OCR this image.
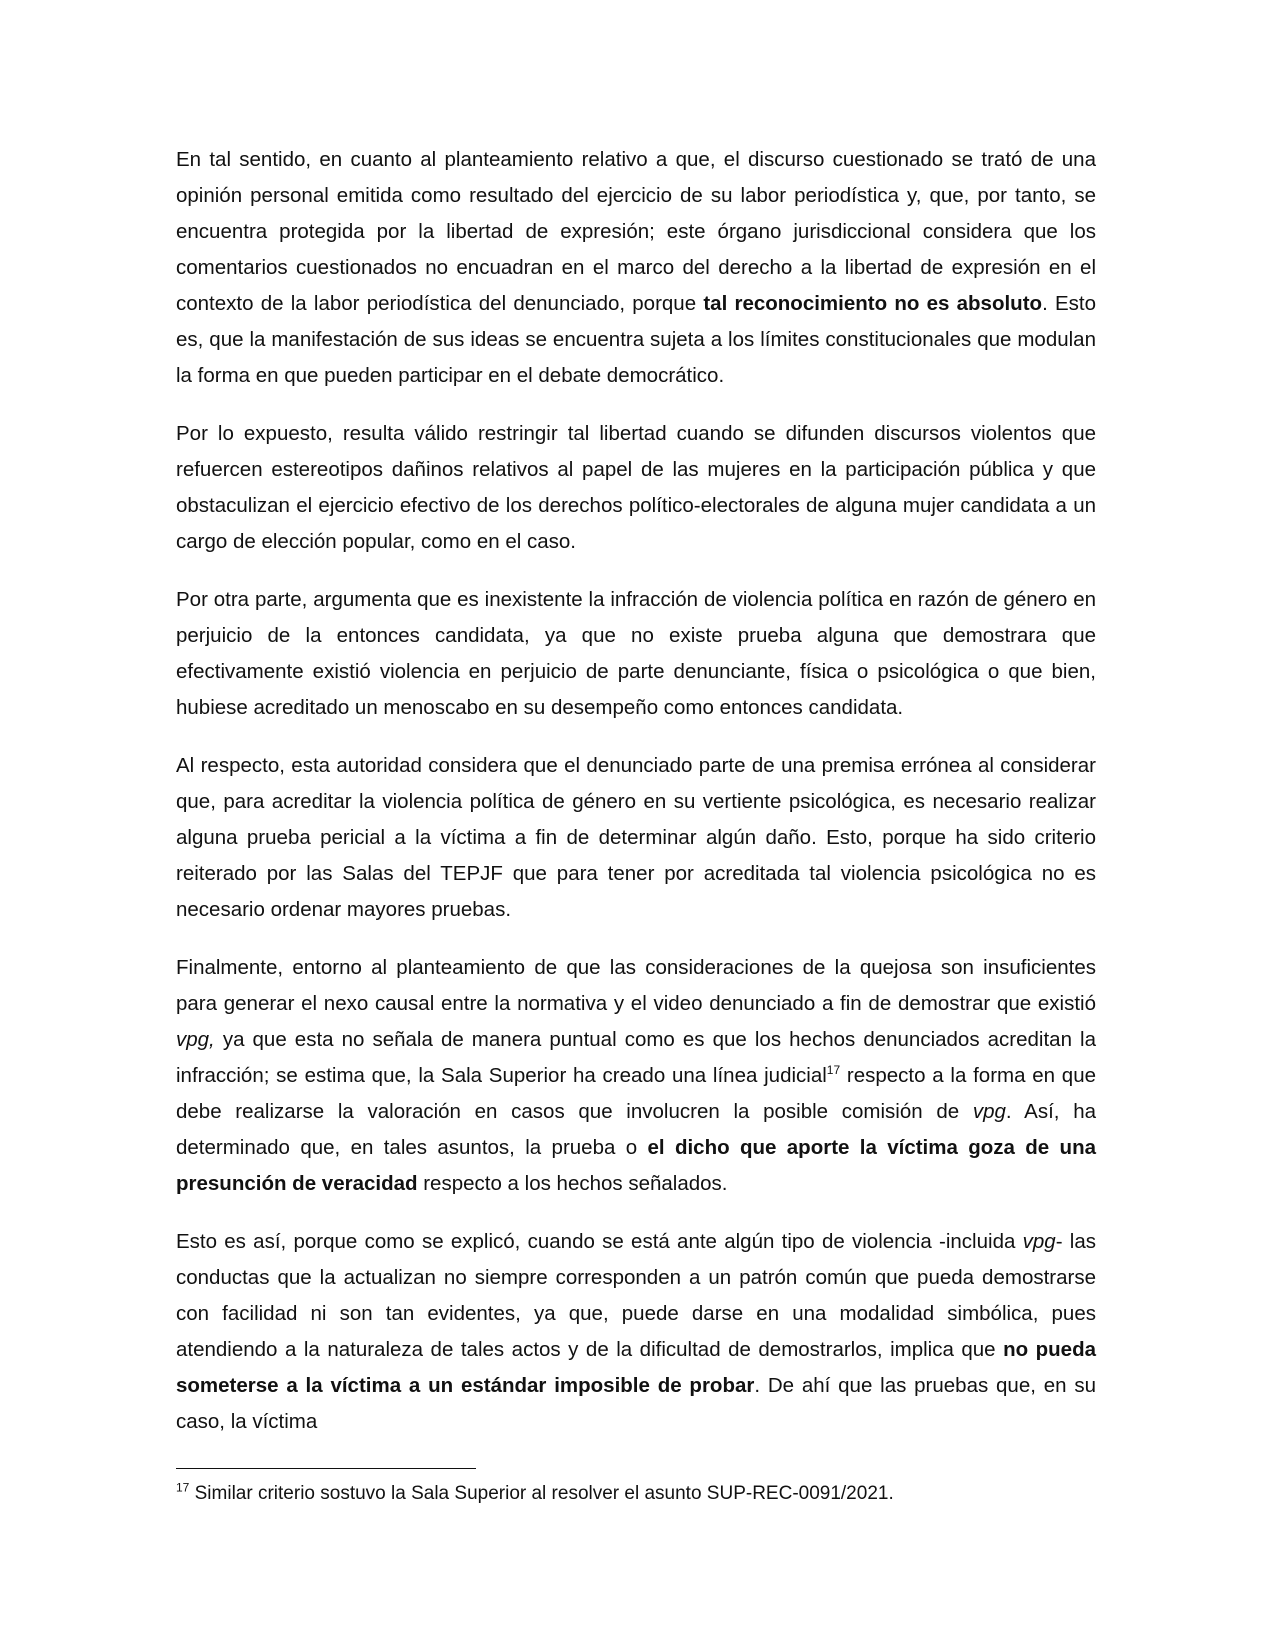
En tal sentido, en cuanto al planteamiento relativo a que, el discurso cuestionado se trató de una opinión personal emitida como resultado del ejercicio de su labor periodística y, que, por tanto, se encuentra protegida por la libertad de expresión; este órgano jurisdiccional considera que los comentarios cuestionados no encuadran en el marco del derecho a la libertad de expresión en el contexto de la labor periodística del denunciado, porque tal reconocimiento no es absoluto. Esto es, que la manifestación de sus ideas se encuentra sujeta a los límites constitucionales que modulan la forma en que pueden participar en el debate democrático.

Por lo expuesto, resulta válido restringir tal libertad cuando se difunden discursos violentos que refuercen estereotipos dañinos relativos al papel de las mujeres en la participación pública y que obstaculizan el ejercicio efectivo de los derechos político-electorales de alguna mujer candidata a un cargo de elección popular, como en el caso.

Por otra parte, argumenta que es inexistente la infracción de violencia política en razón de género en perjuicio de la entonces candidata, ya que no existe prueba alguna que demostrara que efectivamente existió violencia en perjuicio de parte denunciante, física o psicológica o que bien, hubiese acreditado un menoscabo en su desempeño como entonces candidata.

Al respecto, esta autoridad considera que el denunciado parte de una premisa errónea al considerar que, para acreditar la violencia política de género en su vertiente psicológica, es necesario realizar alguna prueba pericial a la víctima a fin de determinar algún daño. Esto, porque ha sido criterio reiterado por las Salas del TEPJF que para tener por acreditada tal violencia psicológica no es necesario ordenar mayores pruebas.

Finalmente, entorno al planteamiento de que las consideraciones de la quejosa son insuficientes para generar el nexo causal entre la normativa y el video denunciado a fin de demostrar que existió vpg, ya que esta no señala de manera puntual como es que los hechos denunciados acreditan la infracción; se estima que, la Sala Superior ha creado una línea judicial$^{17}$ respecto a la forma en que debe realizarse la valoración en casos que involucren la posible comisión de vpg. Así, ha determinado que, en tales asuntos, la prueba o el dicho que aporte la víctima goza de una presunción de veracidad respecto a los hechos señalados.

Esto es así, porque como se explicó, cuando se está ante algún tipo de violencia -incluida vpg- las conductas que la actualizan no siempre corresponden a un patrón común que pueda demostrarse con facilidad ni son tan evidentes, ya que, puede darse en una modalidad simbólica, pues atendiendo a la naturaleza de tales actos y de la dificultad de demostrarlos, implica que no pueda someterse a la víctima a un estándar imposible de probar. De ahí que las pruebas que, en su caso, la víctima

$^{17}$ Similar criterio sostuvo la Sala Superior al resolver el asunto SUP-REC-0091/2021.
